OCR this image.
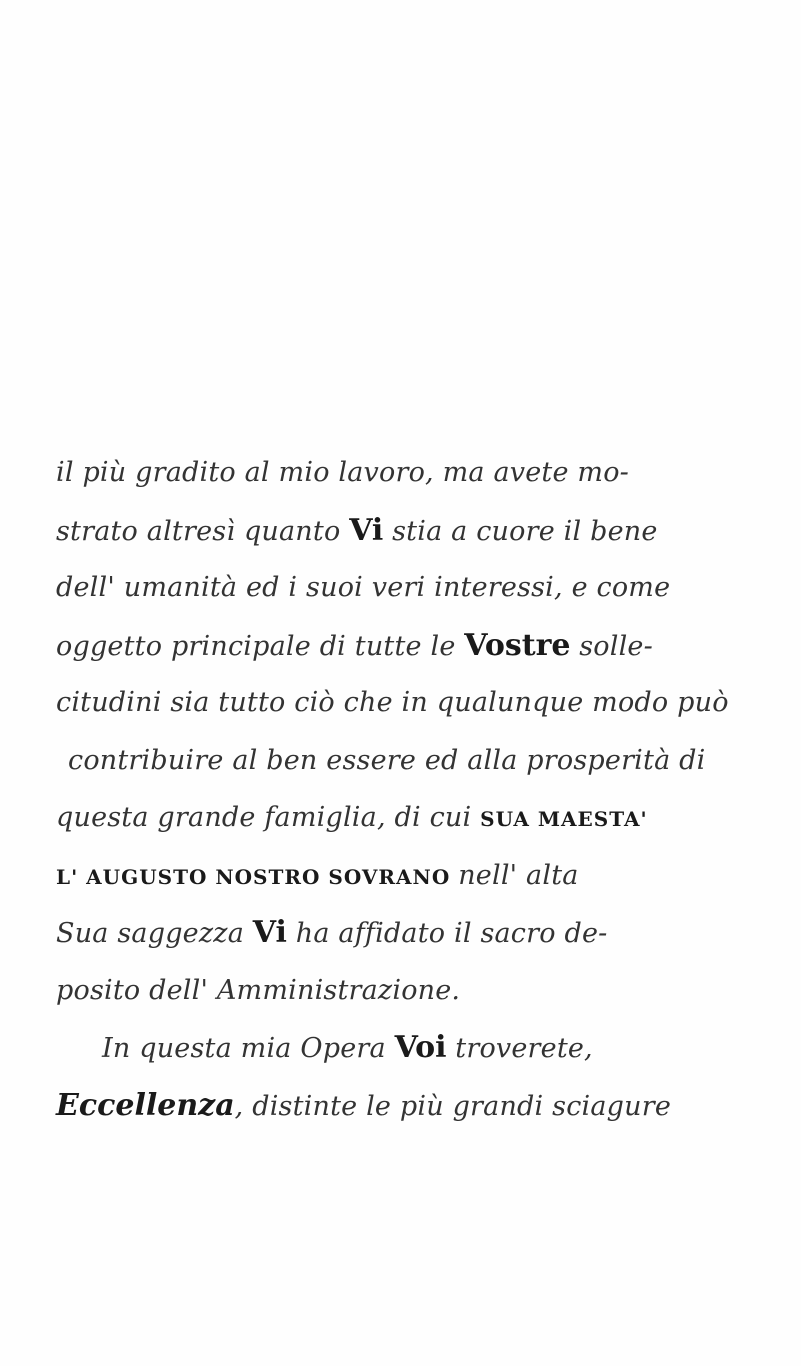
il più gradito al mio lavoro, ma avete mo-
strato altresì quanto Vi stia a cuore il bene
dell' umanità ed i suoi veri interessi, e come
oggetto principale di tutte le Vostre solle-
citudini sia tutto ciò che in qualunque modo può
contribuire al ben essere ed alla prosperità di
questa grande famiglia, di cui SUA MAESTA'
L' AUGUSTO NOSTRO SOVRANO nell' alta
Sua saggezza Vi ha affidato il sacro de-
posito dell' Amministrazione.
In questa mia Opera Voi troverete,
Eccellenza, distinte le più grandi sciagure
